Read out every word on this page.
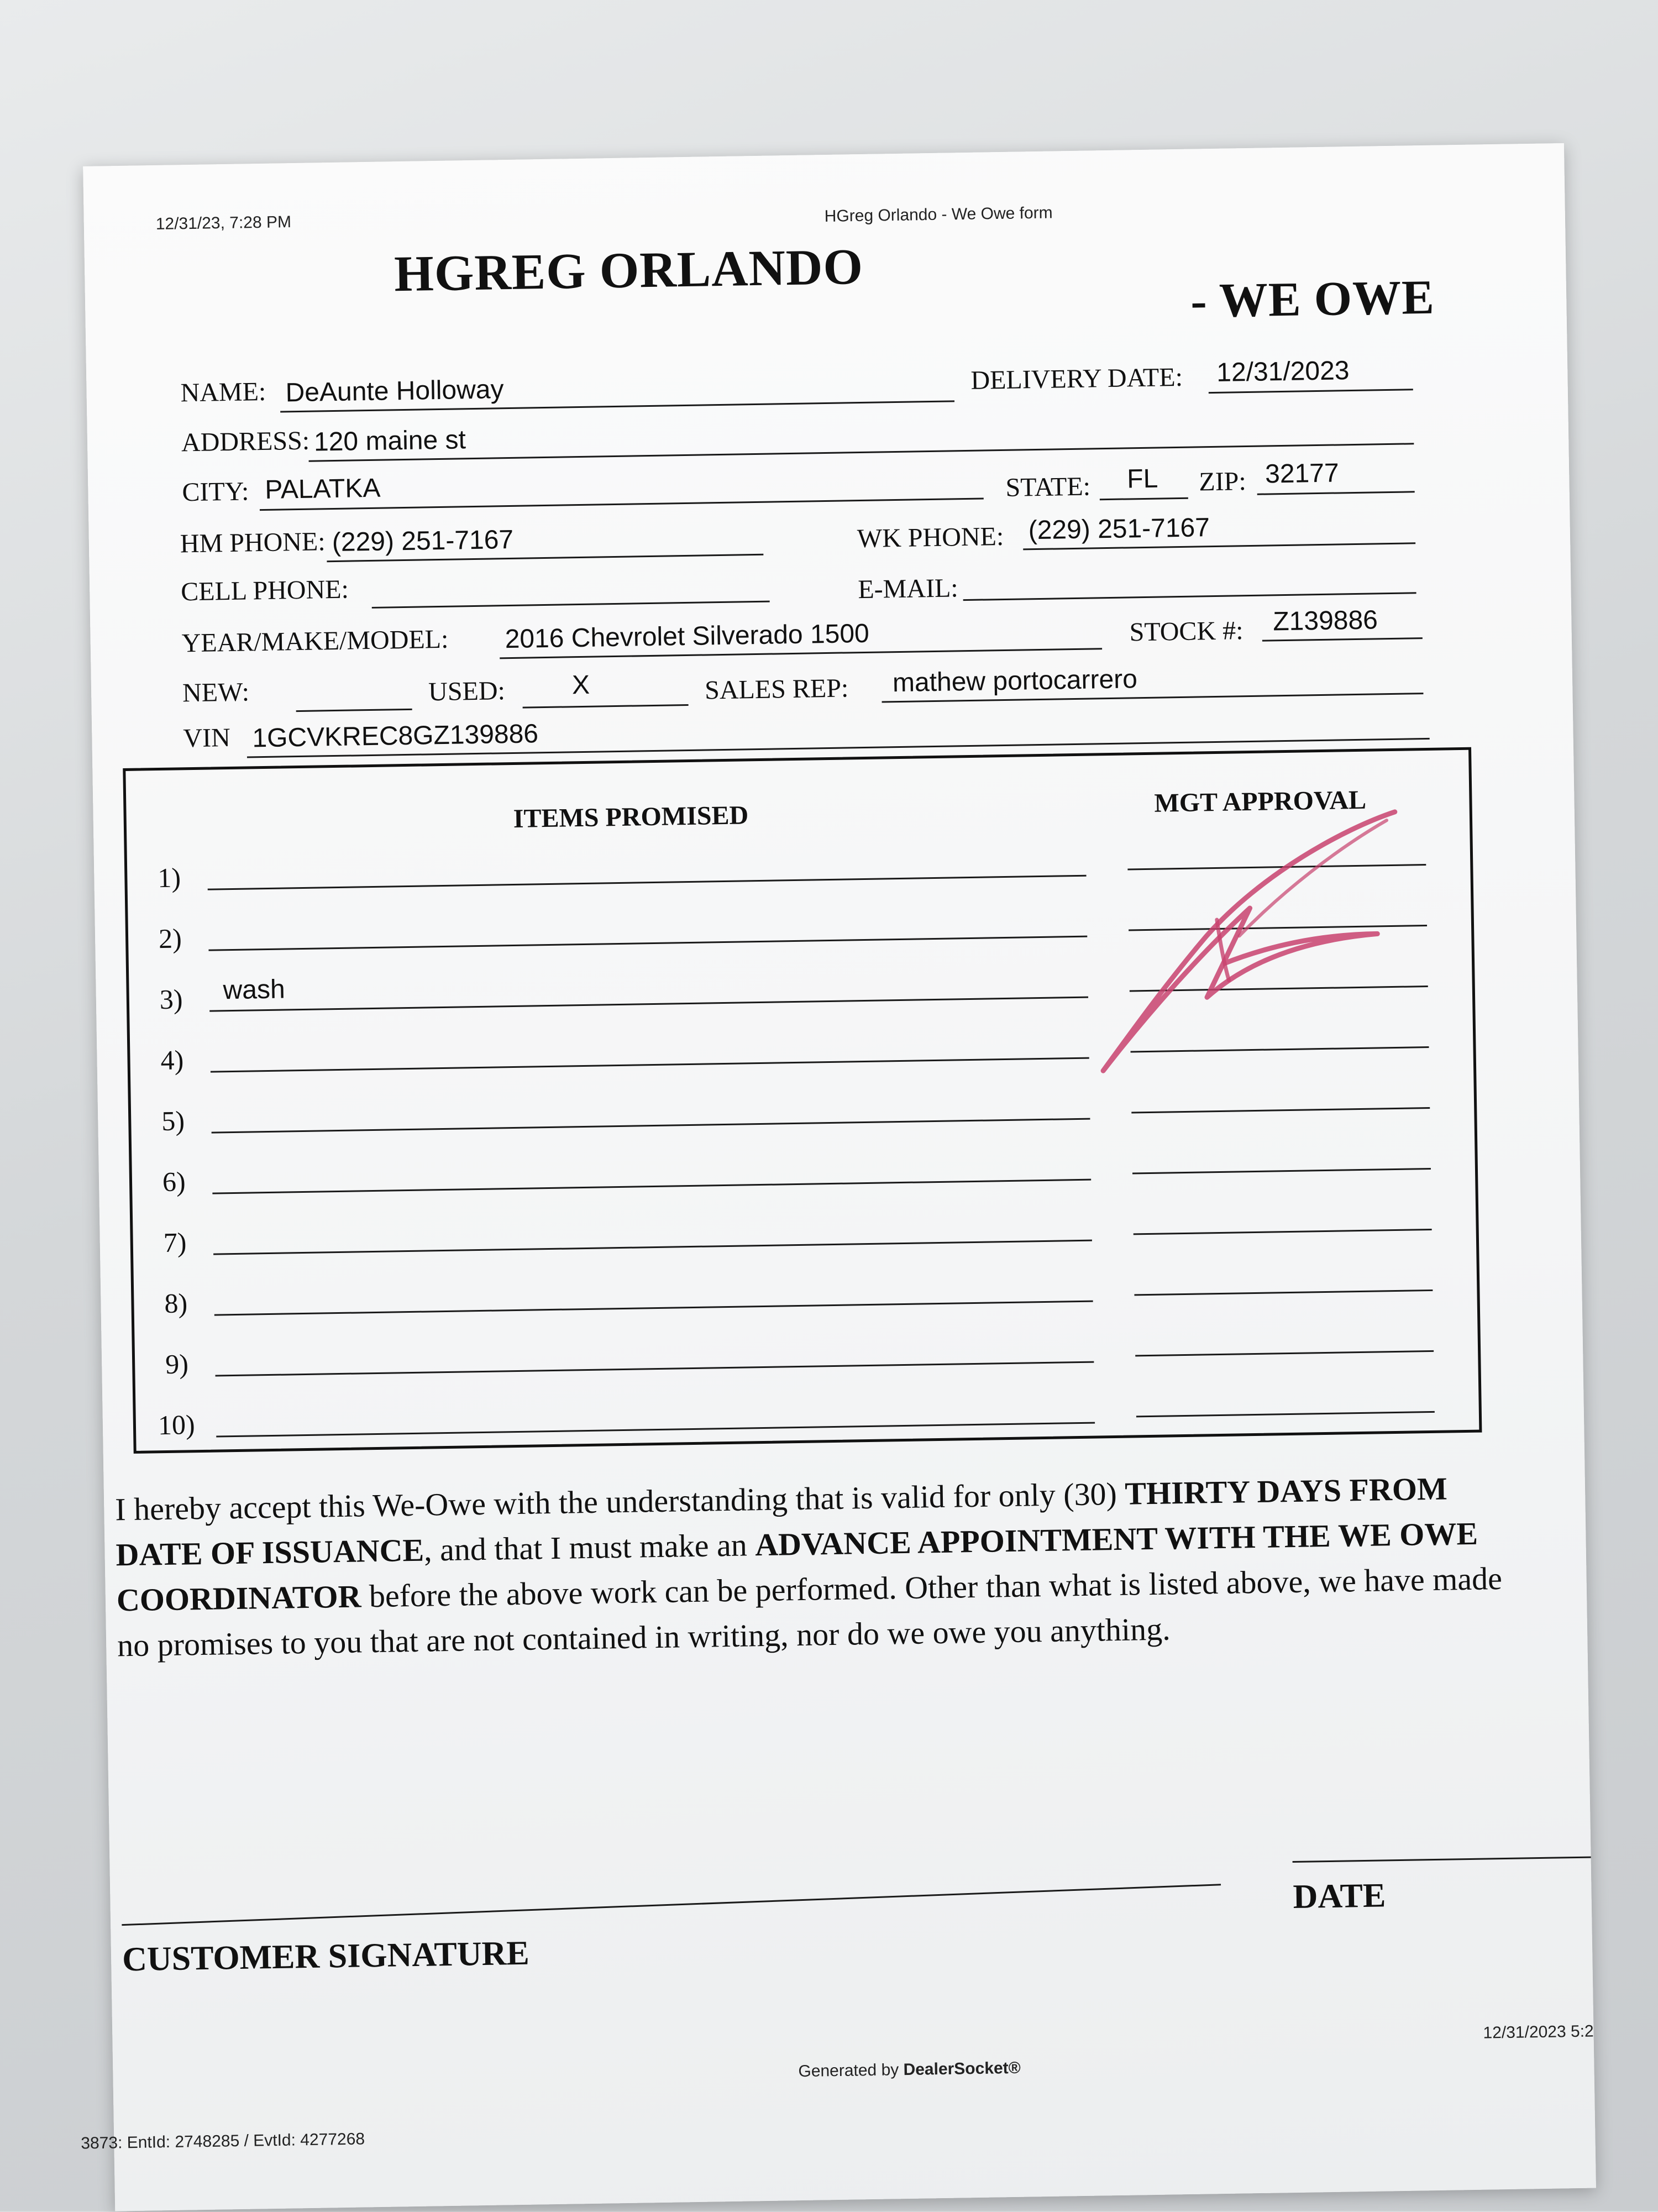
12/31/23, 7:28 PM	HGreg Orlando - We Owe form
HGREG ORLANDO	- WE OWE
NAME: DeAunte Holloway	DELIVERY DATE: 12/31/2023
ADDRESS: 120 maine st
CITY: PALATKA	STATE: FL ZIP: 32177
HM PHONE: (229) 251-7167	WK PHONE: (229) 251-7167
CELL PHONE:	E-MAIL:
YEAR/MAKE/MODEL: 2016 Chevrolet Silverado 1500	STOCK #: Z139886
NEW:	USED:	X	SALES REP: mathew portocarrero
VIN 1GCVKREC8GZ139886
ITEMS PROMISED	MGT APPROVAL
1)
2)
3) wash
4)
5)
6)
7)
8)
9)
10)
I hereby accept this We-Owe with the understanding that is valid for only (30) THIRTY DAYS FROM DATE OF ISSUANCE, and that I must make an ADVANCE APPOINTMENT WITH THE WE OWE COORDINATOR before the above work can be performed. Other than what is listed above, we have made no promises to you that are not contained in writing, nor do we owe you anything.
CUSTOMER SIGNATURE
DATE
Generated by DealerSocket®
12/31/2023 5:2
3873: EntId: 2748285 / EvtId: 4277268
